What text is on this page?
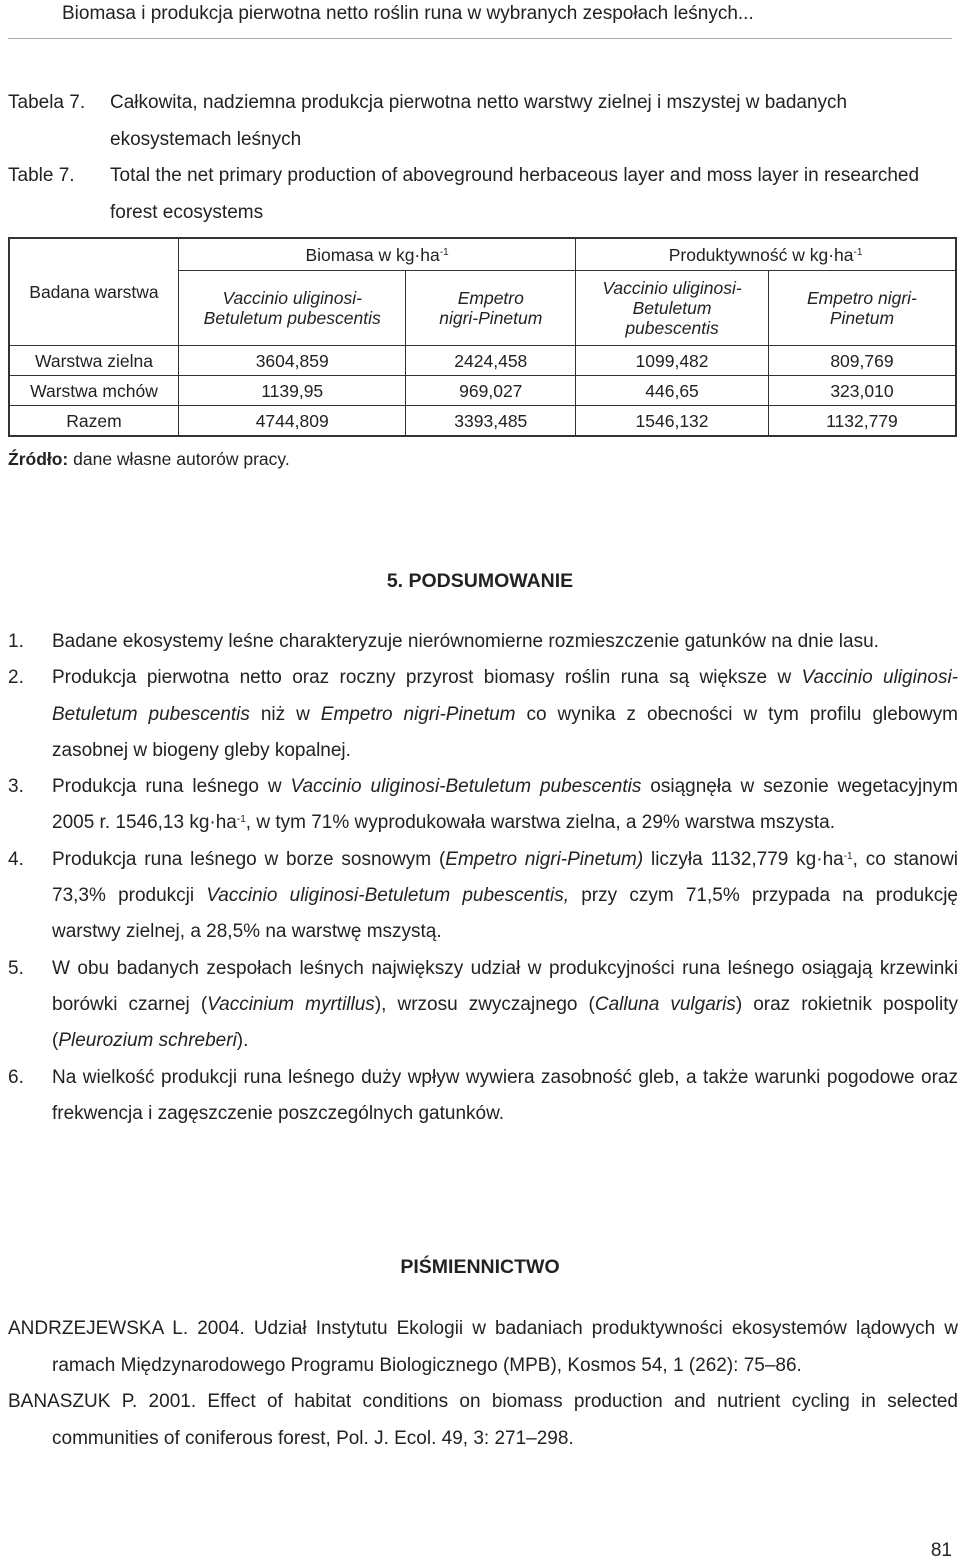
Biomasa i produkcja pierwotna netto roślin runa w wybranych zespołach leśnych...
Tabela 7. Całkowita, nadziemna produkcja pierwotna netto warstwy zielnej i mszystej w badanych ekosystemach leśnych
Table 7. Total the net primary production of aboveground herbaceous layer and moss layer in researched forest ecosystems
Badana warstwa	Biomasa w $kg\cdot ha^{-1}$		Produktywność w $kg\cdot ha^{-1}$
	Vaccinio uliginosi-Betuletum pubescentis	Empetro nigri-Pinetum	Vaccinio uliginosi-Betuletum pubescentis	Empetro nigri-Pinetum
Warstwa zielna	3604,859	2424,458	1099,482	809,769
Warstwa mchów	1139,95	969,027	446,65	323,010
Razem	4744,809	3393,485	1546,132	1132,779
Źródło: dane własne autorów pracy.
5. PODSUMOWANIE
1. Badane ekosystemy leśne charakteryzuje nierównomierne rozmieszczenie gatunków na dnie lasu.
2. Produkcja pierwotna netto oraz roczny przyrost biomasy roślin runa są większe w Vaccinio uliginosi-Betuletum pubescentis niż w Empetro nigri-Pinetum co wynika z obecności w tym profilu glebowym zasobnej w biogeny gleby kopalnej.
3. Produkcja runa leśnego w Vaccinio uliginosi-Betuletum pubescentis osiągnęła w sezonie wegetacyjnym 2005 r. 1546,13 $kg\cdot ha^{-1}$, w tym 71% wyprodukowała warstwa zielna, a 29% warstwa mszysta.
4. Produkcja runa leśnego w borze sosnowym (Empetro nigri-Pinetum) liczyła 1132,779 $kg\cdot ha^{-1}$, co stanowi 73,3% produkcji Vaccinio uliginosi-Betuletum pubescentis, przy czym 71,5% przypada na produkcję warstwy zielnej, a 28,5% na warstwę mszystą.
5. W obu badanych zespołach leśnych największy udział w produkcyjności runa leśnego osiągają krzewinki borówki czarnej (Vaccinium myrtillus), wrzosu zwyczajnego (Calluna vulgaris) oraz rokietnik pospolity (Pleurozium schreberi).
6. Na wielkość produkcji runa leśnego duży wpływ wywiera zasobność gleb, a także warunki pogodowe oraz frekwencja i zagęszczenie poszczególnych gatunków.
PIŚMIENNICTWO

ANDRZEJEWSKA L. 2004. Udział Instytutu Ekologii w badaniach produktywności ekosystemów lądowych w ramach Międzynarodowego Programu Biologicznego (MPB), Kosmos 54, 1 (262): 75–86.

BANASZUK P. 2001. Effect of habitat conditions on biomass production and nutrient cycling in selected communities of coniferous forest, Pol. J. Ecol. 49, 3: 271–298.

81
